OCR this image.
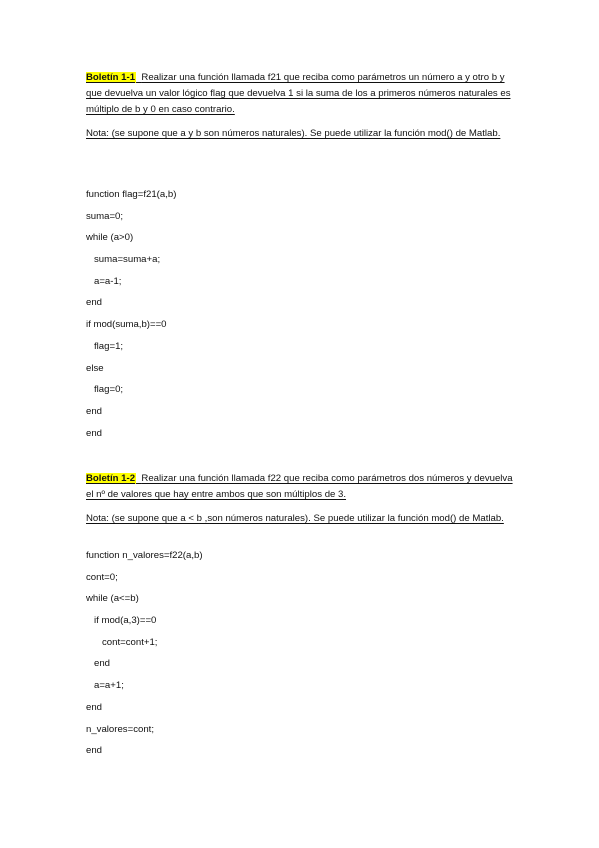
Boletín 1-1 Realizar una función llamada f21 que reciba como parámetros un número a y otro b y que devuelva un valor lógico flag que devuelva 1 si la suma de los a primeros números naturales es múltiplo de b y 0 en caso contrario.

Nota: (se supone que a y b son números naturales). Se puede utilizar la función mod() de Matlab.

function flag=f21(a,b)
suma=0;
while (a>0)
suma=suma+a;
a=a-1;
end
if mod(suma,b)==0
flag=1;
else
flag=0;
end
end

Boletín 1-2 Realizar una función llamada f22 que reciba como parámetros dos números y devuelva el nº de valores que hay entre ambos que son múltiplos de 3.

Nota: (se supone que a < b ,son números naturales). Se puede utilizar la función mod() de Matlab.

function n_valores=f22(a,b)
cont=0;
while (a<=b)
if mod(a,3)==0
cont=cont+1;
end
a=a+1;
end
n_valores=cont;
end
